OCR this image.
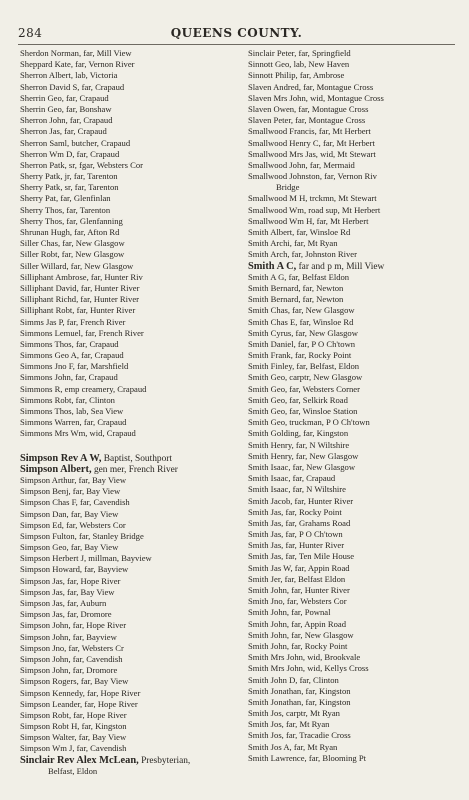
284	QUEENS COUNTY.
Sherdon Norman, far, Mill View
Sheppard Kate, far, Vernon River
Sherron Albert, lab, Victoria
Sherron David S, far, Crapaud
Sherrin Geo, far, Crapaud
Sherrin Geo, far, Bonshaw
Sherron John, far, Crapaud
Sherron Jas, far, Crapaud
Sherron Saml, butcher, Crapaud
Sherron Wm D, far, Crapaud
Sherron Patk, sr, fgar, Websters Cor
Sherry Patk, jr, far, Tarenton
Sherry Patk, sr, far, Tarenton
Sherry Pat, far, Glenfinlan
Sherry Thos, far, Tarenton
Sherry Thos, far, Glenfanning
Shrunan Hugh, far, Afton Rd
Siller Chas, far, New Glasgow
Siller Robt, far, New Glasgow
Siller Willard, far, New Glasgow
Silliphant Ambrose, far, Hunter Riv
Silliphant David, far, Hunter River
Silliphant Richd, far, Hunter River
Silliphant Robt, far, Hunter River
Simms Jas P, far, French River
Simmons Lemuel, far, French River
Simmons Thos, far, Crapaud
Simmons Geo A, far, Crapaud
Simmons Jno F, far, Marshfield
Simmons John, far, Crapaud
Simmons R, emp creamery, Crapaud
Simmons Robt, far, Clinton
Simmons Thos, lab, Sea View
Simmons Warren, far, Crapaud
Simmons Mrs Wm, wid, Crapaud
Simpson Rev A W, Baptist, Southport
Simpson Albert, gen mer, French River
Simpson Arthur, far, Bay View
Simpson Benj, far, Bay View
Simpson Chas F, far, Cavendish
Simpson Dan, far, Bay View
Simpson Ed, far, Websters Cor
Simpson Fulton, far, Stanley Bridge
Simpson Geo, far, Bay View
Simpson Herbert J, millman, Bayview
Simpson Howard, far, Bayview
Simpson Jas, far, Hope River
Simpson Jas, far, Bay View
Simpson Jas, far, Auburn
Simpson Jas, far, Dromore
Simpson John, far, Hope River
Simpson John, far, Bayview
Simpson Jno, far, Websters Cr
Simpson John, far, Cavendish
Simpson John, far, Dromore
Simpson Rogers, far, Bay View
Simpson Kennedy, far, Hope River
Simpson Leander, far, Hope River
Simpson Robt, far, Hope River
Simpson Robt H, far, Kingston
Simpson Walter, far, Bay View
Simpson Wm J, far, Cavendish
Sinclair Rev Alex McLean, Presbyterian,
Belfast, Eldon
Sinclair Peter, far, Springfield
Sinnott Geo, lab, New Haven
Sinnott Philip, far, Ambrose
Slaven Andred, far, Montague Cross
Slaven Mrs John, wid, Montague Cross
Slaven Owen, far, Montague Cross
Slaven Peter, far, Montague Cross
Smallwood Francis, far, Mt Herbert
Smallwood Henry C, far, Mt Herbert
Smallwood Mrs Jas, wid, Mt Stewart
Smallwood John, far, Mermaid
Smallwood Johnston, far, Vernon Riv
Bridge
Smallwood M H, trckmn, Mt Stewart
Smallwood Wm, road sup, Mt Herbert
Smallwood Wm H, far, Mt Herbert
Smith Albert, far, Winsloe Rd
Smith Archi, far, Mt Ryan
Smith Arch, far, Johnston River
Smith A C, far and p m, Mill View
Smith A G, far, Belfast Eldon
Smith Bernard, far, Newton
Smith Bernard, far, Newton
Smith Chas, far, New Glasgow
Smith Chas E, far, Winsloe Rd
Smith Cyrus, far, New Glasgow
Smith Daniel, far, P O Ch'town
Smith Frank, far, Rocky Point
Smith Finley, far, Belfast, Eldon
Smith Geo, carptr, New Glasgow
Smith Geo, far, Websters Corner
Smith Geo, far, Selkirk Road
Smith Geo, far, Winsloe Station
Smith Geo, truckman, P O Ch'town
Smith Golding, far, Kingston
Smith Henry, far, N Wiltshire
Smith Henry, far, New Glasgow
Smith Isaac, far, New Glasgow
Smith Isaac, far, Crapaud
Smith Isaac, far, N Wiltshire
Smith Jacob, far, Hunter River
Smith Jas, far, Rocky Point
Smith Jas, far, Grahams Road
Smith Jas, far, P O Ch'town
Smith Jas, far, Hunter River
Smith Jas, far, Ten Mile House
Smith Jas W, far, Appin Road
Smith Jer, far, Belfast Eldon
Smith John, far, Hunter River
Smith Jno, far, Websters Cor
Smith John, far, Pownal
Smith John, far, Appin Road
Smith John, far, New Glasgow
Smith John, far, Rocky Point
Smith Mrs John, wid, Brookvale
Smith Mrs John, wid, Kellys Cross
Smith John D, far, Clinton
Smith Jonathan, far, Kingston
Smith Jonathan, far, Kingston
Smith Jos, carptr, Mt Ryan
Smith Jos, far, Mt Ryan
Smith Jos, far, Tracadie Cross
Smith Jos A, far, Mt Ryan
Smith Lawrence, far, Blooming Pt
